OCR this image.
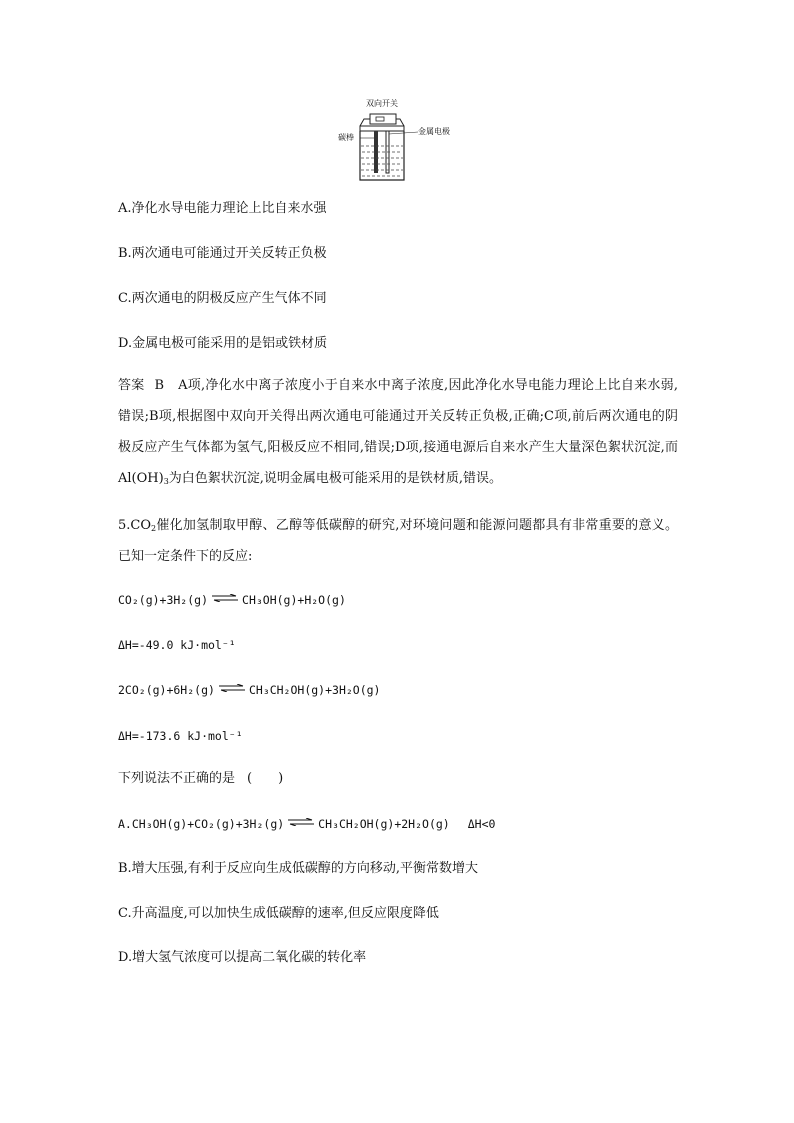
双向开关
碳棒
金属电极
A.净化水导电能力理论上比自来水强
B.两次通电可能通过开关反转正负极
C.两次通电的阴极反应产生气体不同
D.金属电极可能采用的是铝或铁材质
答案 B A项,净化水中离子浓度小于自来水中离子浓度,因此净化水导电能力理论上比自来水弱,错误;B项,根据图中双向开关得出两次通电可能通过开关反转正负极,正确;C项,前后两次通电的阴极反应产生气体都为氢气,阳极反应不相同,错误;D项,接通电源后自来水产生大量深色絮状沉淀,而$Al(OH)_3$为白色絮状沉淀,说明金属电极可能采用的是铁材质,错误。
$5.CO_2$催化加氢制取甲醇、乙醇等低碳醇的研究,对环境问题和能源问题都具有非常重要的意义。已知一定条件下的反应:
CO₂(g)+3H₂(g) ⇌ CH₃OH(g)+H₂O(g)
ΔH=-49.0 kJ·mol⁻¹
2CO₂(g)+6H₂(g) ⇌ CH₃CH₂OH(g)+3H₂O(g)
ΔH=-173.6 kJ·mol⁻¹
下列说法不正确的是 (　　)
A.CH₃OH(g)+CO₂(g)+3H₂(g) ⇌ CH₃CH₂OH(g)+2H₂O(g) ΔH<0
B.增大压强,有利于反应向生成低碳醇的方向移动,平衡常数增大
C.升高温度,可以加快生成低碳醇的速率,但反应限度降低
D.增大氢气浓度可以提高二氧化碳的转化率
